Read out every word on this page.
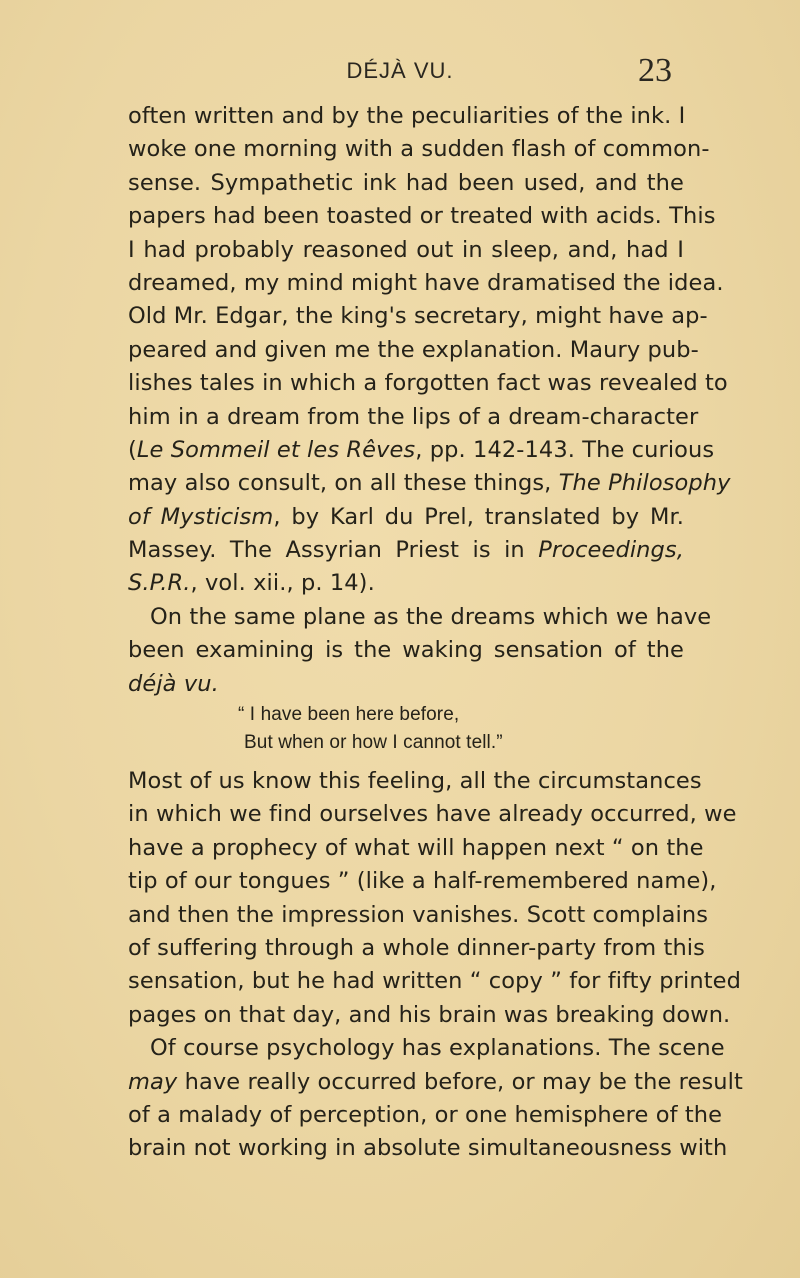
DÉJÀ VU.	23
often written and by the peculiarities of the ink. I
woke one morning with a sudden flash of common-
sense. Sympathetic ink had been used, and the
papers had been toasted or treated with acids. This
I had probably reasoned out in sleep, and, had I
dreamed, my mind might have dramatised the idea.
Old Mr. Edgar, the king's secretary, might have ap-
peared and given me the explanation. Maury pub-
lishes tales in which a forgotten fact was revealed to
him in a dream from the lips of a dream-character
(Le Sommeil et les Rêves, pp. 142-143. The curious
may also consult, on all these things, The Philosophy
of Mysticism, by Karl du Prel, translated by Mr.
Massey. The Assyrian Priest is in Proceedings,
S.P.R., vol. xii., p. 14).
On the same plane as the dreams which we have
been examining is the waking sensation of the
déjà vu.
“ I have been here before,
But when or how I cannot tell.”
Most of us know this feeling, all the circumstances
in which we find ourselves have already occurred, we
have a prophecy of what will happen next “ on the
tip of our tongues ” (like a half-remembered name),
and then the impression vanishes. Scott complains
of suffering through a whole dinner-party from this
sensation, but he had written “ copy ” for fifty printed
pages on that day, and his brain was breaking down.
Of course psychology has explanations. The scene
may have really occurred before, or may be the result
of a malady of perception, or one hemisphere of the
brain not working in absolute simultaneousness with
